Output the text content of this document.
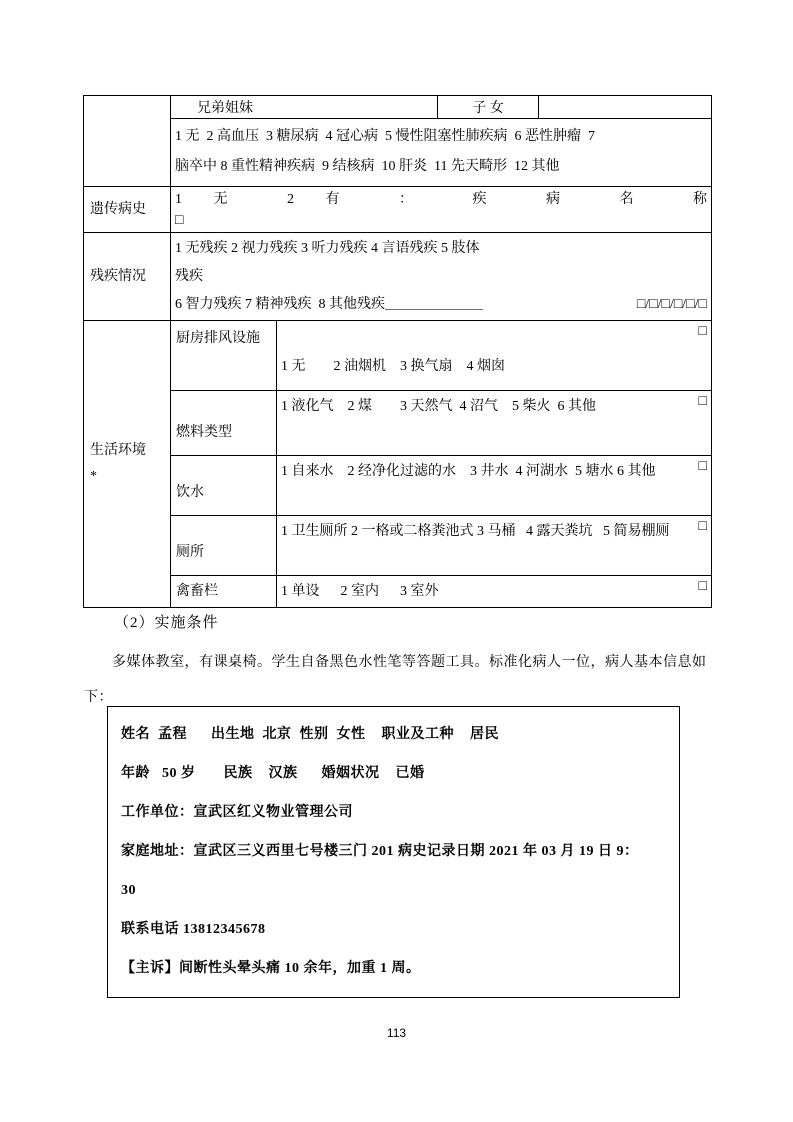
	兄弟姐妹		子 女	

	1 无  2 高血压  3 糖尿病  4 冠心病  5 慢性阻塞性肺疾病  6 恶性肿瘤  7
脑卒中 8 重性精神疾病  9 结核病  10 肝炎  11 先天畸形  12 其他			

遗传病史	1 无 2 有 ： 疾 病 名 称
□			

残疾情况	1 无残疾 2 视力残疾 3 听力残疾 4 言语残疾 5 肢体
残疾
6 智力残疾 7 精神残疾  8 其他残疾＿＿＿＿＿＿＿ □/□/□/□/□/□			

生活环境
*
	厨房排风设施	□
1 无        2 油烟机    3 换气扇    4 烟囱

	燃料类型	□
1 液化气    2 煤        3 天然气  4 沼气    5 柴火  6 其他		

	饮水	□
1 自来水    2 经净化过滤的水    3 井水  4 河湖水  5 塘水 6 其他		

	厕所	□
1 卫生厕所 2 一格或二格粪池式 3 马桶   4 露天粪坑   5 简易棚厕		

	禽畜栏	□
1 单设      2 室内      3 室外		
（2）实施条件
多媒体教室，有课桌椅。学生自备黑色水性笔等答题工具。标准化病人一位，病人基本信息如下：
姓名  孟程      出生地  北京  性别  女性    职业及工种    居民
年龄   50 岁       民族    汉族      婚姻状况    已婚
工作单位：宣武区红义物业管理公司
家庭地址：宣武区三义西里七号楼三门 201 病史记录日期 2021 年 03 月 19 日 9：
30
联系电话 13812345678
【主诉】间断性头晕头痛 10 余年，加重 1 周。
113
